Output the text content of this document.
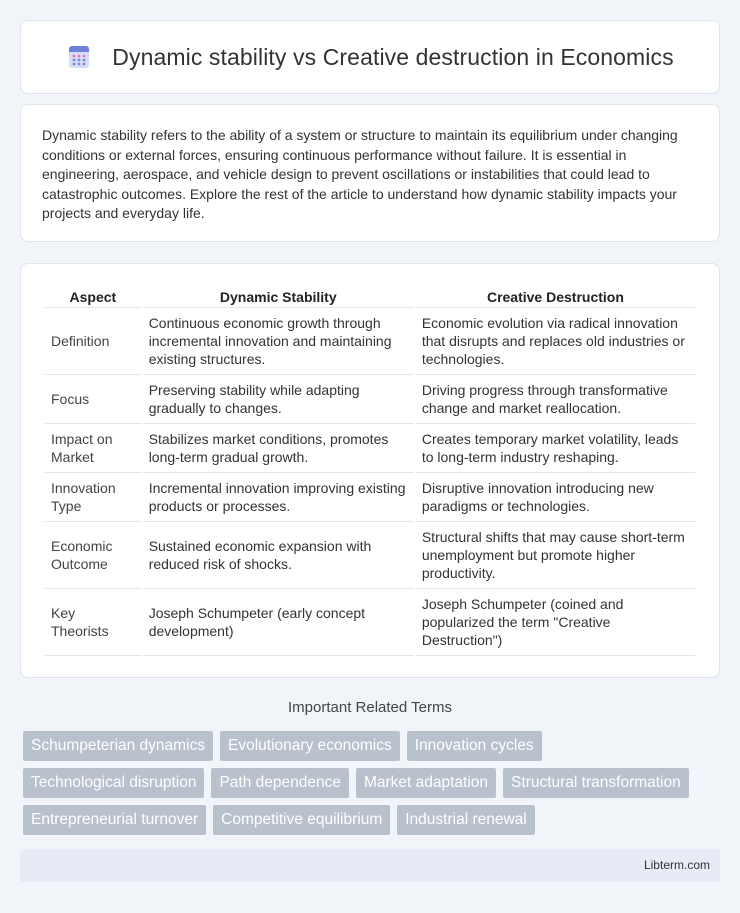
Dynamic stability vs Creative destruction in Economics

Dynamic stability refers to the ability of a system or structure to maintain its equilibrium under changing conditions or external forces, ensuring continuous performance without failure. It is essential in engineering, aerospace, and vehicle design to prevent oscillations or instabilities that could lead to catastrophic outcomes. Explore the rest of the article to understand how dynamic stability impacts your projects and everyday life.

Aspect	Dynamic Stability	Creative Destruction
Definition	Continuous economic growth through incremental innovation and maintaining existing structures.	Economic evolution via radical innovation that disrupts and replaces old industries or technologies.
Focus	Preserving stability while adapting gradually to changes.	Driving progress through transformative change and market reallocation.
Impact on Market	Stabilizes market conditions, promotes long-term gradual growth.	Creates temporary market volatility, leads to long-term industry reshaping.
Innovation Type	Incremental innovation improving existing products or processes.	Disruptive innovation introducing new paradigms or technologies.
Economic Outcome	Sustained economic expansion with reduced risk of shocks.	Structural shifts that may cause short-term unemployment but promote higher productivity.
Key Theorists	Joseph Schumpeter (early concept development)	Joseph Schumpeter (coined and popularized the term "Creative Destruction")
Important Related Terms
Schumpeterian dynamics	Evolutionary economics	Innovation cycles
Technological disruption	Path dependence	Market adaptation	Structural transformation
Entrepreneurial turnover	Competitive equilibrium	Industrial renewal
Libterm.com
